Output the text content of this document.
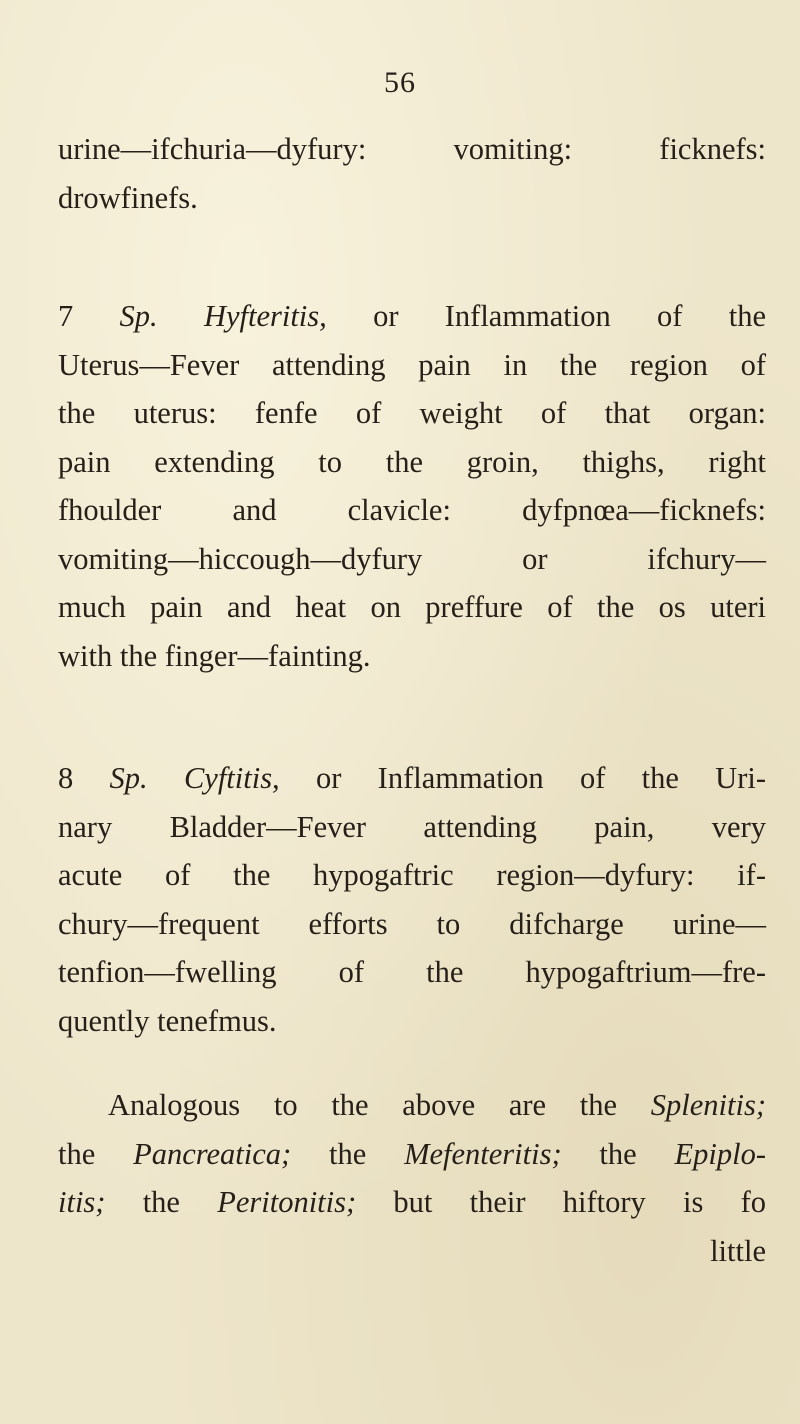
56
urine—ifchuria—dyfury: vomiting: ficknefs:
drowfinefs.
7 Sp. Hyfteritis, or Inflammation of the
Uterus—Fever attending pain in the region of
the uterus: fenfe of weight of that organ:
pain extending to the groin, thighs, right
fhoulder and clavicle: dyfpnœa—ficknefs:
vomiting—hiccough—dyfury or ifchury—
much pain and heat on preffure of the os uteri
with the finger—fainting.
8 Sp. Cyftitis, or Inflammation of the Uri-
nary Bladder—Fever attending pain, very
acute of the hypogaftric region—dyfury: if-
chury—frequent efforts to difcharge urine—
tenfion—fwelling of the hypogaftrium—fre-
quently tenefmus.
Analogous to the above are the Splenitis;
the Pancreatica; the Mefenteritis; the Epiplo-
itis; the Peritonitis; but their hiftory is fo
little
